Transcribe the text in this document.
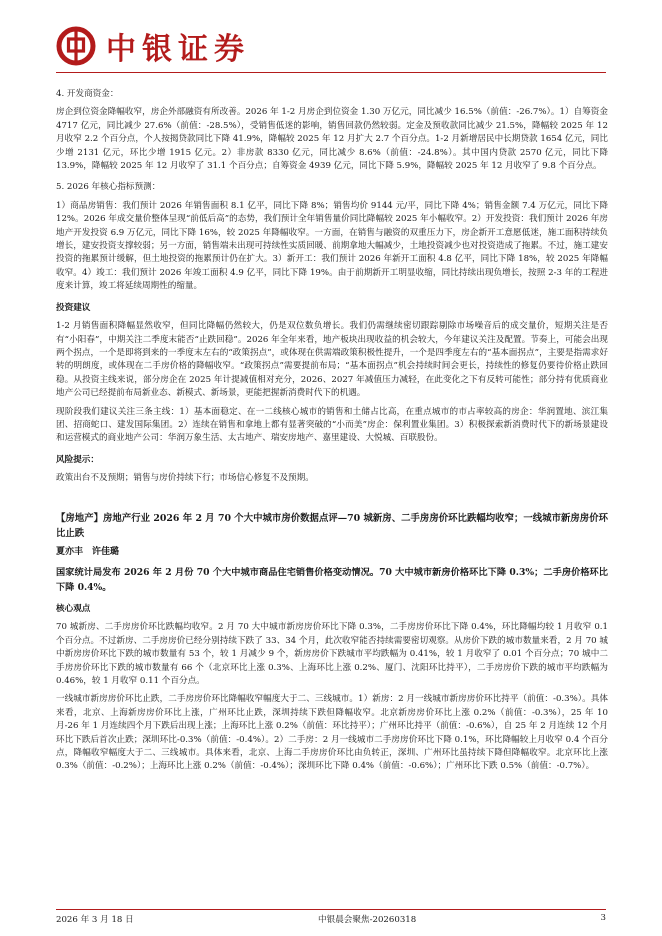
中银证券

4. 开发商资金：

房企到位资金降幅收窄，房企外部融资有所改善。2026 年 1-2 月房企到位资金 1.30 万亿元，同比减少 16.5%（前值：-26.7%）。1）自筹资金 4717 亿元，同比减少 27.6%（前值：-28.5%），受销售低迷的影响，销售回款仍然较弱。定金及预收款同比减少 21.5%，降幅较 2025 年 12 月收窄 2.2 个百分点，个人按揭贷款同比下降 41.9%，降幅较 2025 年 12 月扩大 2.7 个百分点。1-2 月新增居民中长期贷款 1654 亿元，同比少增 2131 亿元，环比少增 1915 亿元。2）非房款 8330 亿元，同比减少 8.6%（前值：-24.8%）。其中国内贷款 2570 亿元，同比下降 13.9%，降幅较 2025 年 12 月收窄了 31.1 个百分点；自筹资金 4939 亿元，同比下降 5.9%，降幅较 2025 年 12 月收窄了 9.8 个百分点。

5. 2026 年核心指标预测：

1）商品房销售：我们预计 2026 年销售面积 8.1 亿平，同比下降 8%；销售均价 9144 元/平，同比下降 4%；销售金额 7.4 万亿元，同比下降 12%。2026 年成交量价整体呈现“前低后高”的态势，我们预计全年销售量价同比降幅较 2025 年小幅收窄。2）开发投资：我们预计 2026 年房地产开发投资 6.9 万亿元，同比下降 16%，较 2025 年降幅收窄。一方面，在销售与融资的双重压力下，房企新开工意愿低迷，施工面积持续负增长，建安投资支撑较弱；另一方面，销售端未出现可持续性实质回暖、前期拿地大幅减少，土地投资减少也对投资造成了拖累。不过，施工建安投资的拖累预计缓解，但土地投资的拖累预计仍在扩大。3）新开工：我们预计 2026 年新开工面积 4.8 亿平，同比下降 18%，较 2025 年降幅收窄。4）竣工：我们预计 2026 年竣工面积 4.9 亿平，同比下降 19%。由于前期新开工明显收缩，同比持续出现负增长，按照 2-3 年的工程进度来计算，竣工将延续周期性的缩量。

投资建议

1-2 月销售面积降幅显然收窄，但同比降幅仍然较大，仍是双位数负增长。我们仍需继续密切跟踪剔除市场噪音后的成交量价，短期关注是否有“小阳春”，中期关注二季度末能否“止跌回稳”。2026 年全年来看，地产板块出现收益的机会较大，今年建议关注及配置。节奏上，可能会出现两个拐点，一个是即将到来的一季度末左右的“政策拐点”，或体现在供需端政策积极性提升，一个是四季度左右的“基本面拐点”，主要是指需求好转的明朗度，或体现在二手房价格的降幅收窄。“政策拐点”需要提前布局；“基本面拐点”机会持续时间会更长，持续性的修复仍要待价格止跌回稳。从投资主线来说，部分房企在 2025 年计提减值相对充分，2026、2027 年减值压力减轻，在此变化之下有反转可能性；部分持有优质商业地产公司已经提前布局新业态、新模式、新场景，更能把握新消费时代下的机遇。

现阶段我们建议关注三条主线：1）基本面稳定、在一二线核心城市的销售和土储占比高，在重点城市的市占率较高的房企：华润置地、滨江集团、招商蛇口、建发国际集团。2）连续在销售和拿地上都有显著突破的“小而美”房企：保利置业集团。3）积极探索新消费时代下的新场景建设和运营模式的商业地产公司：华润万象生活、太古地产、瑞安房地产、嘉里建设、大悦城、百联股份。

风险提示：

政策出台不及预期；销售与房价持续下行；市场信心修复不及预期。

【房地产】房地产行业 2026 年 2 月 70 个大中城市房价数据点评—70 城新房、二手房房价环比跌幅均收窄；一线城市新房房价环比止跌

夏亦丰　许佳璐

国家统计局发布 2026 年 2 月份 70 个大中城市商品住宅销售价格变动情况。70 大中城市新房价格环比下降 0.3%；二手房价格环比下降 0.4%。

核心观点

70 城新房、二手房房价环比跌幅均收窄。2 月 70 大中城市新房房价环比下降 0.3%，二手房房价环比下降 0.4%，环比降幅均较 1 月收窄 0.1 个百分点。不过新房、二手房房价已经分别持续下跌了 33、34 个月，此次收窄能否持续需要密切观察。从房价下跌的城市数量来看，2 月 70 城中新房房价环比下跌的城市数量有 53 个，较 1 月减少 9 个，新房房价下跌城市平均跌幅为 0.41%，较 1 月收窄了 0.01 个百分点；70 城中二手房房价环比下跌的城市数量有 66 个（北京环比上涨 0.3%、上海环比上涨 0.2%、厦门、沈阳环比持平），二手房房价下跌的城市平均跌幅为 0.46%，较 1 月收窄 0.11 个百分点。

一线城市新房房价环比止跌，二手房房价环比降幅收窄幅度大于二、三线城市。1）新房：2 月一线城市新房房价环比持平（前值：-0.3%）。具体来看，北京、上海新房房价环比上涨，广州环比止跌，深圳持续下跌但降幅收窄。北京新房房价环比上涨 0.2%（前值：-0.3%），25 年 10 月-26 年 1 月连续四个月下跌后出现上涨；上海环比上涨 0.2%（前值：环比持平）；广州环比持平（前值：-0.6%），自 25 年 2 月连续 12 个月环比下跌后首次止跌；深圳环比-0.3%（前值：-0.4%）。2）二手房：2 月一线城市二手房房价环比下降 0.1%，环比降幅较上月收窄 0.4 个百分点，降幅收窄幅度大于二、三线城市。具体来看，北京、上海二手房房价环比由负转正，深圳、广州环比虽持续下降但降幅收窄。北京环比上涨 0.3%（前值：-0.2%）；上海环比上涨 0.2%（前值：-0.4%）；深圳环比下降 0.4%（前值：-0.6%）；广州环比下跌 0.5%（前值：-0.7%）。

2026 年 3 月 18 日	中银晨会聚焦-20260318	3
